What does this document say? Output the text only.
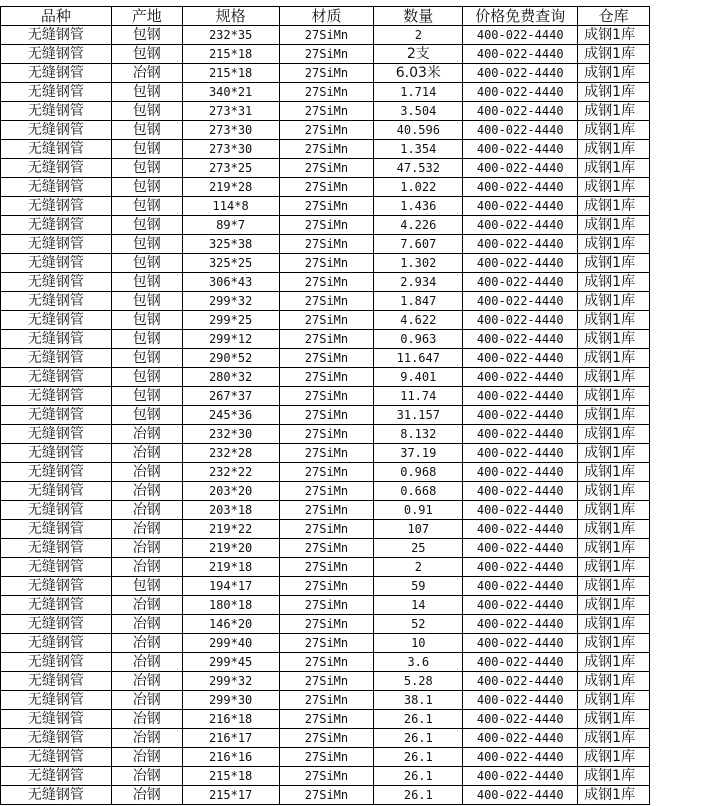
品种	产地	规格	材质	数量	价格免费查询	仓库	
无缝钢管	包钢	232*35	27SiMn	2	400-022-4440	成钢1库	
无缝钢管	包钢	215*18	27SiMn	2支	400-022-4440	成钢1库	
无缝钢管	冶钢	215*18	27SiMn	6.03米	400-022-4440	成钢1库	
无缝钢管	包钢	340*21	27SiMn	1.714	400-022-4440	成钢1库	
无缝钢管	包钢	273*31	27SiMn	3.504	400-022-4440	成钢1库	
无缝钢管	包钢	273*30	27SiMn	40.596	400-022-4440	成钢1库	
无缝钢管	包钢	273*30	27SiMn	1.354	400-022-4440	成钢1库	
无缝钢管	包钢	273*25	27SiMn	47.532	400-022-4440	成钢1库	
无缝钢管	包钢	219*28	27SiMn	1.022	400-022-4440	成钢1库	
无缝钢管	包钢	114*8	27SiMn	1.436	400-022-4440	成钢1库	
无缝钢管	包钢	89*7	27SiMn	4.226	400-022-4440	成钢1库	
无缝钢管	包钢	325*38	27SiMn	7.607	400-022-4440	成钢1库	
无缝钢管	包钢	325*25	27SiMn	1.302	400-022-4440	成钢1库	
无缝钢管	包钢	306*43	27SiMn	2.934	400-022-4440	成钢1库	
无缝钢管	包钢	299*32	27SiMn	1.847	400-022-4440	成钢1库	
无缝钢管	包钢	299*25	27SiMn	4.622	400-022-4440	成钢1库	
无缝钢管	包钢	299*12	27SiMn	0.963	400-022-4440	成钢1库	
无缝钢管	包钢	290*52	27SiMn	11.647	400-022-4440	成钢1库	
无缝钢管	包钢	280*32	27SiMn	9.401	400-022-4440	成钢1库	
无缝钢管	包钢	267*37	27SiMn	11.74	400-022-4440	成钢1库	
无缝钢管	包钢	245*36	27SiMn	31.157	400-022-4440	成钢1库	
无缝钢管	冶钢	232*30	27SiMn	8.132	400-022-4440	成钢1库	
无缝钢管	冶钢	232*28	27SiMn	37.19	400-022-4440	成钢1库	
无缝钢管	冶钢	232*22	27SiMn	0.968	400-022-4440	成钢1库	
无缝钢管	冶钢	203*20	27SiMn	0.668	400-022-4440	成钢1库	
无缝钢管	冶钢	203*18	27SiMn	0.91	400-022-4440	成钢1库	
无缝钢管	冶钢	219*22	27SiMn	107	400-022-4440	成钢1库	
无缝钢管	冶钢	219*20	27SiMn	25	400-022-4440	成钢1库	
无缝钢管	冶钢	219*18	27SiMn	2	400-022-4440	成钢1库	
无缝钢管	包钢	194*17	27SiMn	59	400-022-4440	成钢1库	
无缝钢管	冶钢	180*18	27SiMn	14	400-022-4440	成钢1库	
无缝钢管	冶钢	146*20	27SiMn	52	400-022-4440	成钢1库	
无缝钢管	冶钢	299*40	27SiMn	10	400-022-4440	成钢1库	
无缝钢管	冶钢	299*45	27SiMn	3.6	400-022-4440	成钢1库	
无缝钢管	冶钢	299*32	27SiMn	5.28	400-022-4440	成钢1库	
无缝钢管	冶钢	299*30	27SiMn	38.1	400-022-4440	成钢1库	
无缝钢管	冶钢	216*18	27SiMn	26.1	400-022-4440	成钢1库	
无缝钢管	冶钢	216*17	27SiMn	26.1	400-022-4440	成钢1库	
无缝钢管	冶钢	216*16	27SiMn	26.1	400-022-4440	成钢1库	
无缝钢管	冶钢	215*18	27SiMn	26.1	400-022-4440	成钢1库	
无缝钢管	冶钢	215*17	27SiMn	26.1	400-022-4440	成钢1库	
